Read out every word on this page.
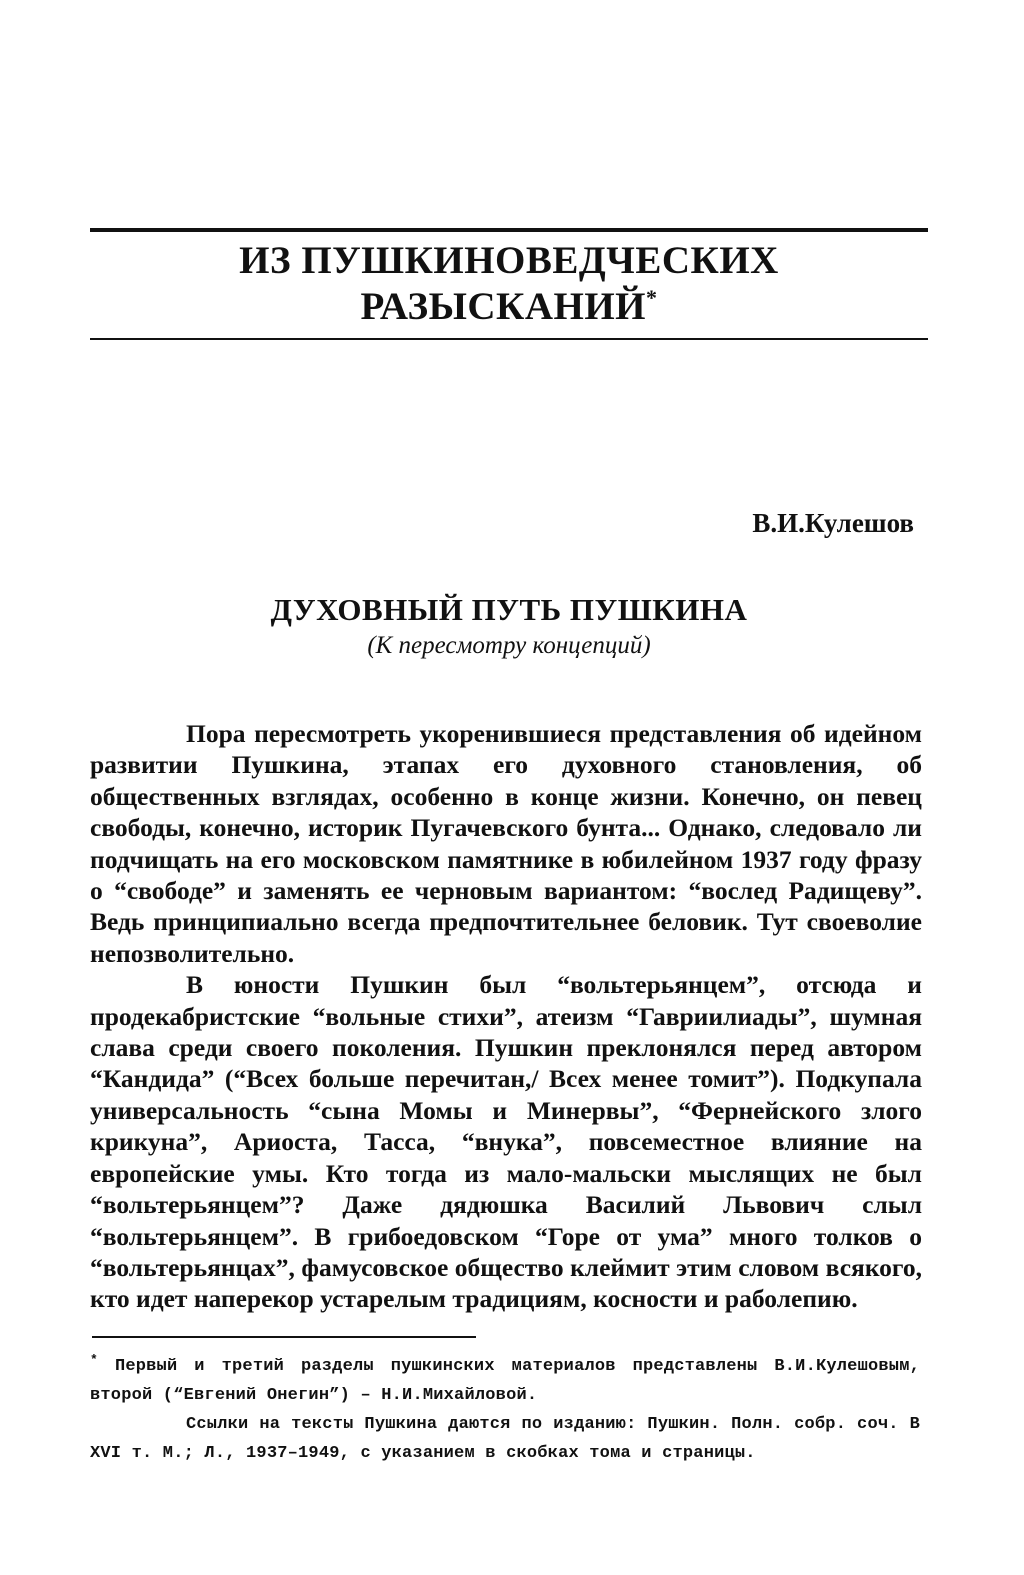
ИЗ ПУШКИНОВЕДЧЕСКИХ
РАЗЫСКАНИЙ*
В.И.Кулешов
ДУХОВНЫЙ ПУТЬ ПУШКИНА
(К пересмотру концепций)

Пора пересмотреть укоренившиеся представления об идейном развитии Пушкина, этапах его духовного становления, об общественных взглядах, особенно в конце жизни. Конечно, он певец свободы, конечно, историк Пугачевского бунта... Однако, следовало ли подчищать на его московском памятнике в юбилейном 1937 году фразу о “свободе” и заменять ее черновым вариантом: “вослед Радищеву”. Ведь принципиально всегда предпочтительнее беловик. Тут своеволие непозволительно.

В юности Пушкин был “вольтерьянцем”, отсюда и продекабристские “вольные стихи”, атеизм “Гавриилиады”, шумная слава среди своего поколения. Пушкин преклонялся перед автором “Кандида” (“Всех больше перечитан,/ Всех менее томит”). Подкупала универсальность “сына Момы и Минервы”, “Фернейского злого крикуна”, Ариоста, Тасса, “внука”, повсеместное влияние на европейские умы. Кто тогда из мало-мальски мыслящих не был “вольтерьянцем”? Даже дядюшка Василий Львович слыл “вольтерьянцем”. В грибоедовском “Горе от ума” много толков о “вольтерьянцах”, фамусовское общество клеймит этим словом всякого, кто идет наперекор устарелым традициям, косности и раболепию.

* Первый и третий разделы пушкинских материалов представлены В.И.Кулешовым, второй (“Евгений Онегин”) – Н.И.Михайловой.

Ссылки на тексты Пушкина даются по изданию: Пушкин. Полн. собр. соч. В XVI т. М.; Л., 1937–1949, с указанием в скобках тома и страницы.
